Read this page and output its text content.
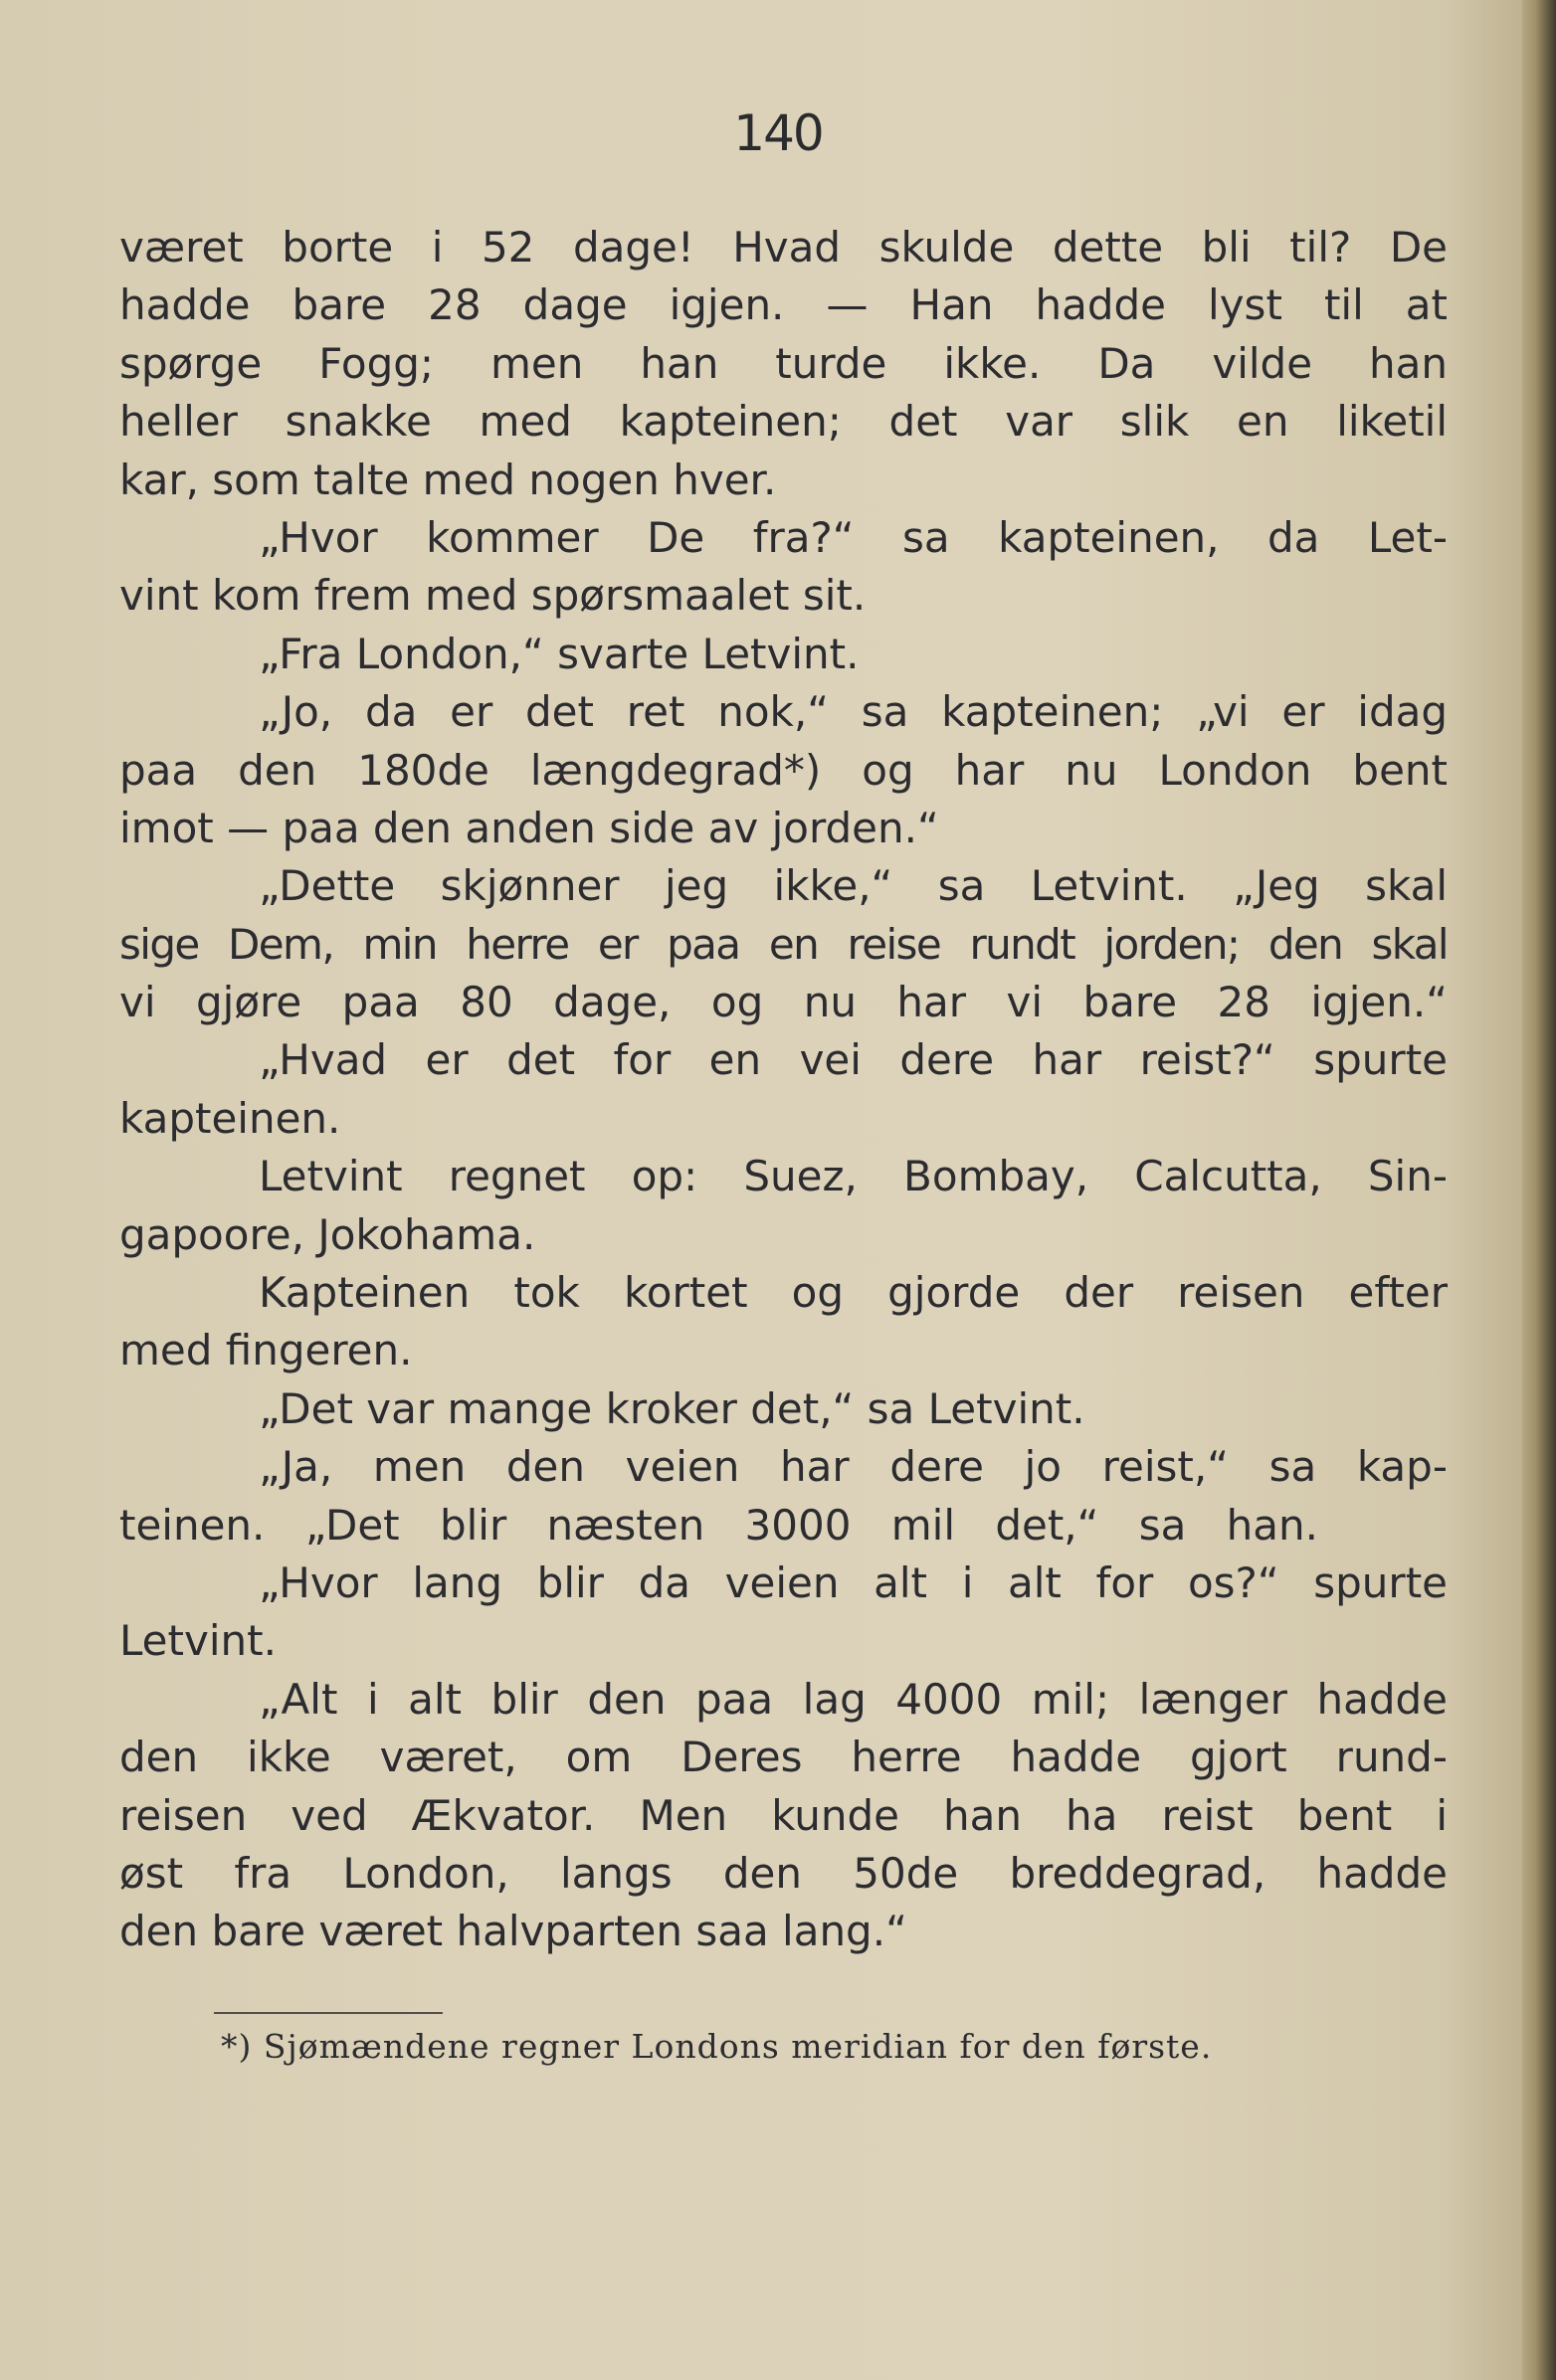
140
været borte i 52 dage! Hvad skulde dette bli til? De
hadde bare 28 dage igjen. — Han hadde lyst til at
spørge Fogg; men han turde ikke. Da vilde han
heller snakke med kapteinen; det var slik en liketil
kar, som talte med nogen hver.
„Hvor kommer De fra?“ sa kapteinen, da Let-
vint kom frem med spørsmaalet sit.
„Fra London,“ svarte Letvint.
„Jo, da er det ret nok,“ sa kapteinen; „vi er idag
paa den 180de længdegrad*) og har nu London bent
imot — paa den anden side av jorden.“
„Dette skjønner jeg ikke,“ sa Letvint. „Jeg skal
sige Dem, min herre er paa en reise rundt jorden; den skal
vi gjøre paa 80 dage, og nu har vi bare 28 igjen.“
„Hvad er det for en vei dere har reist?“ spurte
kapteinen.
Letvint regnet op: Suez, Bombay, Calcutta, Sin-
gapoore, Jokohama.
Kapteinen tok kortet og gjorde der reisen efter
med fingeren.
„Det var mange kroker det,“ sa Letvint.
„Ja, men den veien har dere jo reist,“ sa kap-
teinen. „Det blir næsten 3000 mil det,“ sa han.
„Hvor lang blir da veien alt i alt for os?“ spurte
Letvint.
„Alt i alt blir den paa lag 4000 mil; længer hadde
den ikke været, om Deres herre hadde gjort rund-
reisen ved Ækvator. Men kunde han ha reist bent i
øst fra London, langs den 50de breddegrad, hadde
den bare været halvparten saa lang.“
*) Sjømændene regner Londons meridian for den første.
